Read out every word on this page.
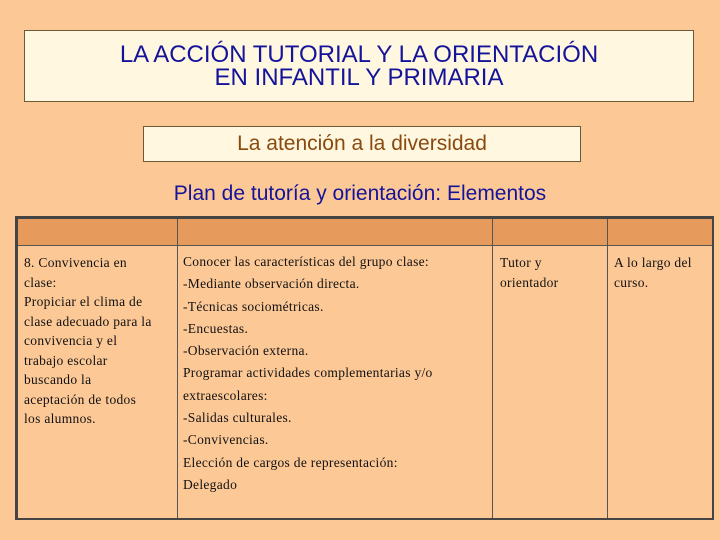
LA ACCIÓN TUTORIAL Y LA ORIENTACIÓN
EN INFANTIL Y PRIMARIA
La atención a la diversidad
Plan de tutoría y orientación: Elementos
8. Convivencia en
clase:
Propiciar el clima de
clase adecuado para la
convivencia y el
trabajo escolar
buscando la
aceptación de todos
los alumnos.
Conocer las características del grupo clase:
-Mediante observación directa.
-Técnicas sociométricas.
-Encuestas.
-Observación externa.
Programar actividades complementarias y/o
extraescolares:
-Salidas culturales.
-Convivencias.
Elección de cargos de representación:
Delegado
Tutor y
orientador
A lo largo del
curso.
